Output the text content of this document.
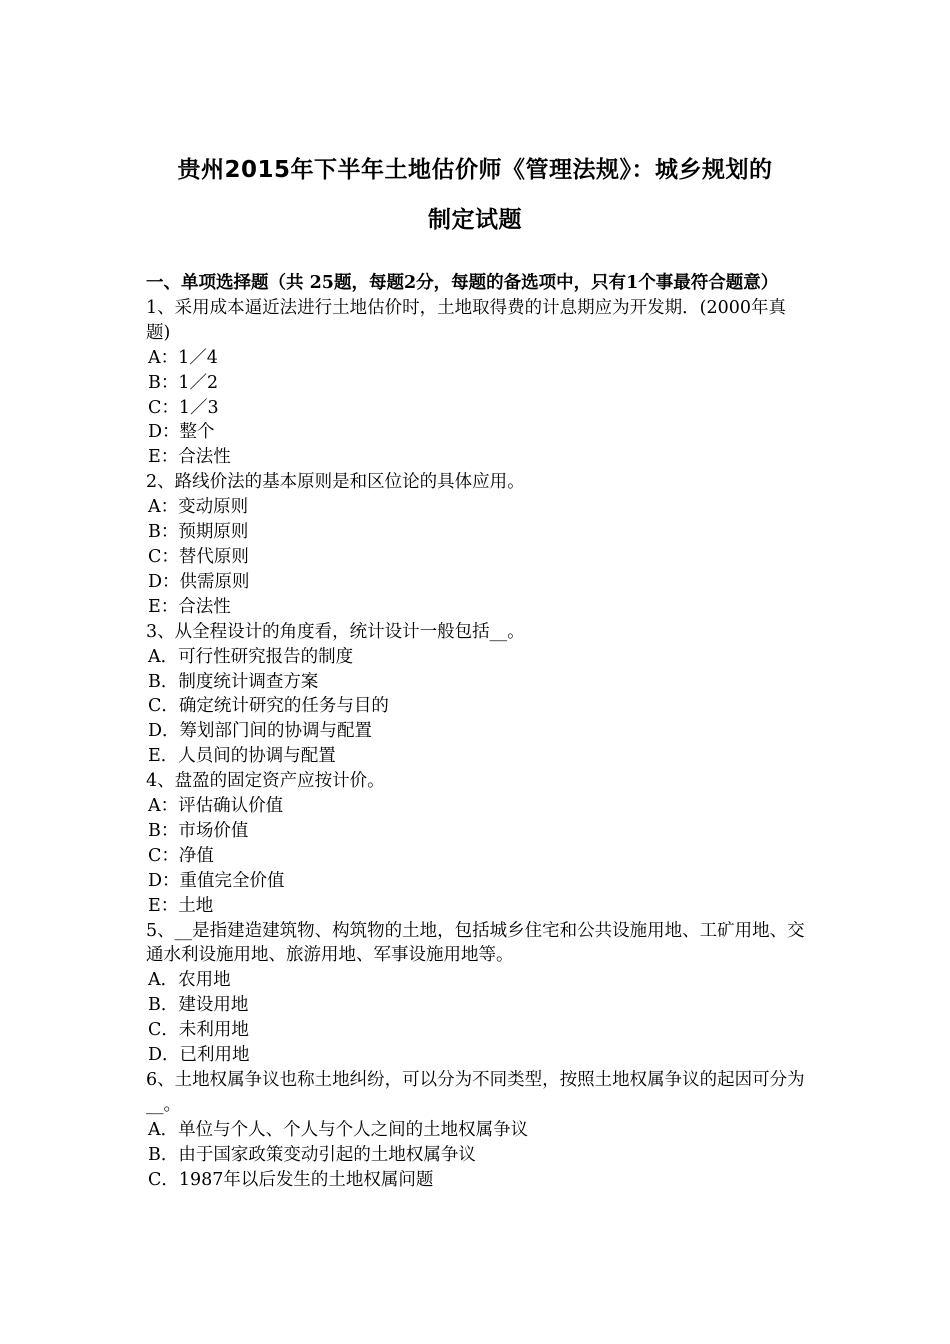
贵州2015年下半年土地估价师《管理法规》：城乡规划的
制定试题

一、单项选择题（共 25题，每题2分，每题的备选项中，只有1个事最符合题意）

1、采用成本逼近法进行土地估价时，土地取得费的计息期应为开发期．(2000年真题)

A：1／4
B：1／2
C：1／3
D：整个
E：合法性

2、路线价法的基本原则是和区位论的具体应用。

A：变动原则
B：预期原则
C：替代原则
D：供需原则
E：合法性

3、从全程设计的角度看，统计设计一般包括__。

A．可行性研究报告的制度
B．制度统计调查方案
C．确定统计研究的任务与目的
D．筹划部门间的协调与配置
E．人员间的协调与配置

4、盘盈的固定资产应按计价。

A：评估确认价值
B：市场价值
C：净值
D：重值完全价值
E：土地

5、__是指建造建筑物、构筑物的土地，包括城乡住宅和公共设施用地、工矿用地、交通水利设施用地、旅游用地、军事设施用地等。

A．农用地
B．建设用地
C．未利用地
D．已利用地

6、土地权属争议也称土地纠纷，可以分为不同类型，按照土地权属争议的起因可分为__。

A．单位与个人、个人与个人之间的土地权属争议
B．由于国家政策变动引起的土地权属争议
C．1987年以后发生的土地权属问题
